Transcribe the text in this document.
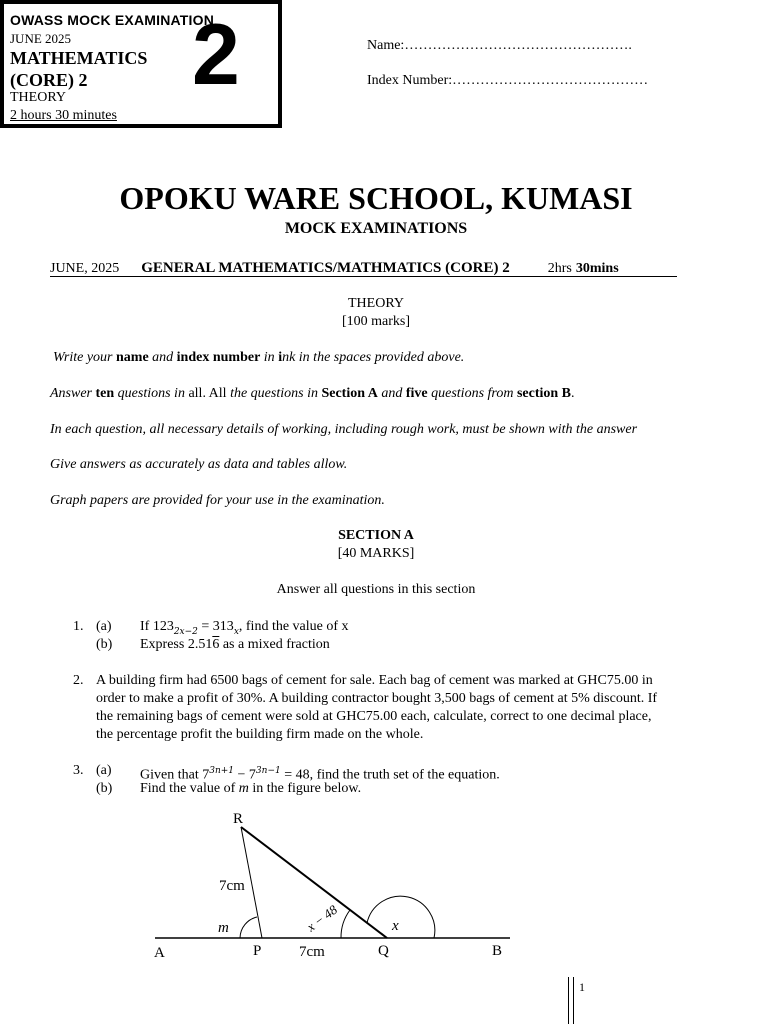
OWASS MOCK EXAMINATION
JUNE 2025
MATHEMATICS
(CORE) 2
THEORY
2 hours 30 minutes
2	Name:………………………………………….
Index Number:……………………………………
OPOKU WARE SCHOOL, KUMASI
MOCK EXAMINATIONS
JUNE, 2025 GENERAL MATHEMATICS/MATHMATICS (CORE) 2	2hrs 30mins
THEORY
[100 marks]
Write your name and index number in ink in the spaces provided above.
Answer ten questions in all. All the questions in Section A and five questions from section B.
In each question, all necessary details of working, including rough work, must be shown with the answer
Give answers as accurately as data and tables allow.
Graph papers are provided for your use in the examination.
SECTION A
[40 MARKS]
Answer all questions in this section
1. (a) If $123_{2x-2} = 313_x$, find the value of x
(b) Express 2.516 as a mixed fraction
2. A building firm had 6500 bags of cement for sale. Each bag of cement was marked at GHC75.00 in
order to make a profit of 30%. A building contractor bought 3,500 bags of cement at 5% discount. If
the remaining bags of cement were sold at GHC75.00 each, calculate, correct to one decimal place,
the percentage profit the building firm made on the whole.
3. (a) Given that $7^{3n+1} - 7^{3n-1} = 48$, find the truth set of the equation.
(b) Find the value of m in the figure below.
R
7cm
m	x
x − 48
A	P	7cm	Q	B
1
